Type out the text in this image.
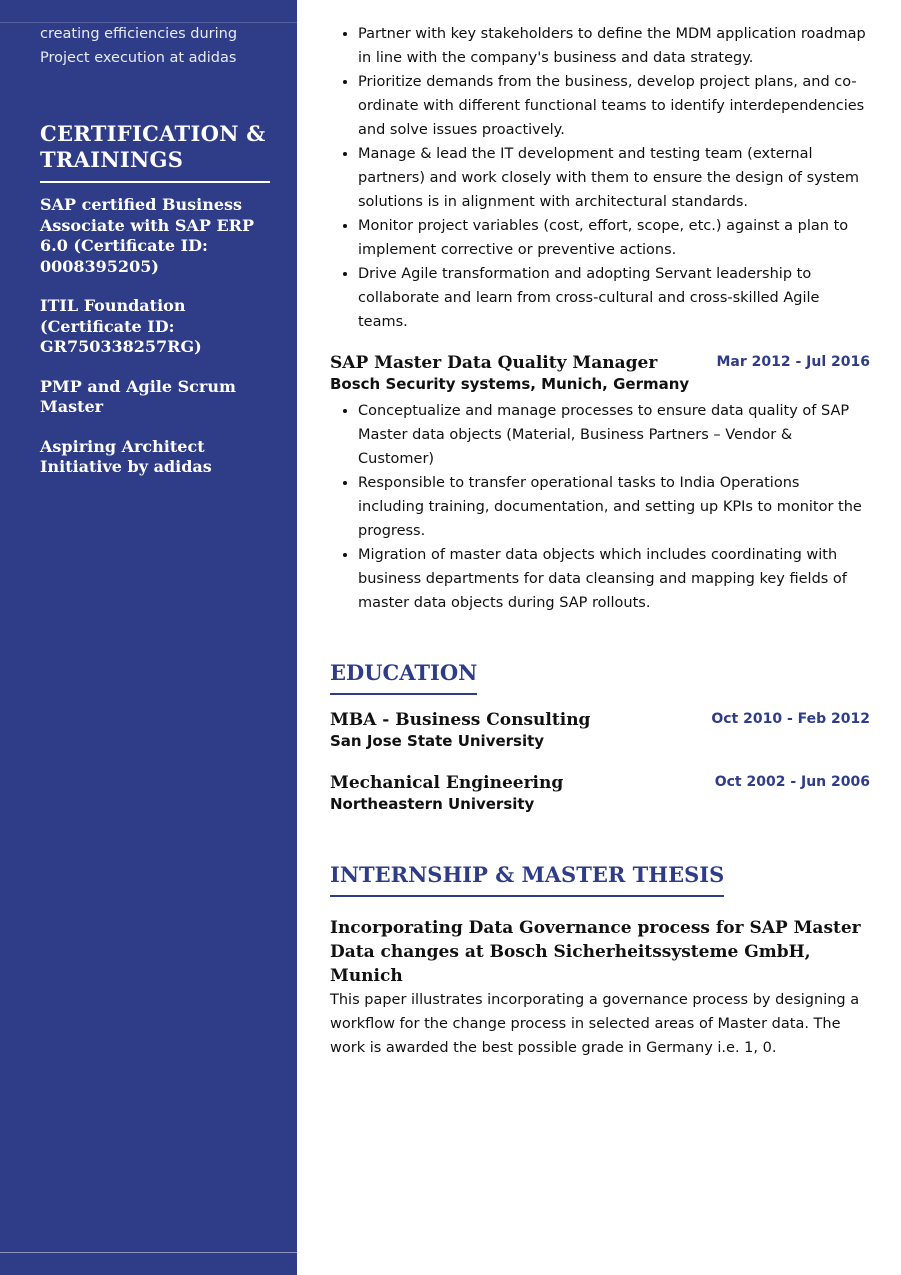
creating efficiencies during Project execution at adidas
CERTIFICATION & TRAININGS
SAP certified Business Associate with SAP ERP 6.0 (Certificate ID: 0008395205)
ITIL Foundation (Certificate ID: GR750338257RG)
PMP and Agile Scrum Master
Aspiring Architect Initiative by adidas
• Partner with key stakeholders to define the MDM application roadmap in line with the company's business and data strategy.
• Prioritize demands from the business, develop project plans, and co-ordinate with different functional teams to identify interdependencies and solve issues proactively.
• Manage & lead the IT development and testing team (external partners) and work closely with them to ensure the design of system solutions is in alignment with architectural standards.
• Monitor project variables (cost, effort, scope, etc.) against a plan to implement corrective or preventive actions.
• Drive Agile transformation and adopting Servant leadership to collaborate and learn from cross-cultural and cross-skilled Agile teams.
SAP Master Data Quality Manager	Mar 2012 - Jul 2016
Bosch Security systems, Munich, Germany
• Conceptualize and manage processes to ensure data quality of SAP Master data objects (Material, Business Partners – Vendor & Customer)
• Responsible to transfer operational tasks to India Operations including training, documentation, and setting up KPIs to monitor the progress.
• Migration of master data objects which includes coordinating with business departments for data cleansing and mapping key fields of master data objects during SAP rollouts.
EDUCATION
MBA - Business Consulting	Oct 2010 - Feb 2012
San Jose State University
Mechanical Engineering	Oct 2002 - Jun 2006
Northeastern University
INTERNSHIP & MASTER THESIS
Incorporating Data Governance process for SAP Master Data changes at Bosch Sicherheitssysteme GmbH, Munich
This paper illustrates incorporating a governance process by designing a workflow for the change process in selected areas of Master data. The work is awarded the best possible grade in Germany i.e. 1, 0.
